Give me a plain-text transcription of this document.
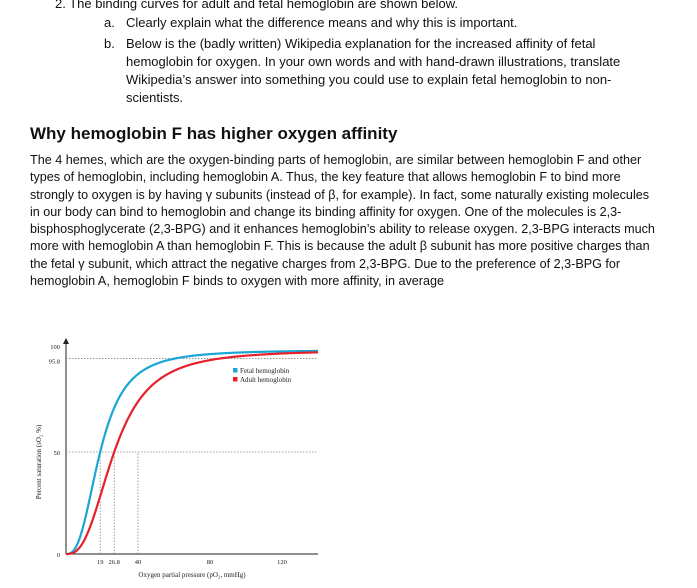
2. The binding curves for adult and fetal hemoglobin are shown below.
a. Clearly explain what the difference means and why this is important.
b. Below is the (badly written) Wikipedia explanation for the increased affinity of fetal hemoglobin for oxygen. In your own words and with hand-drawn illustrations, translate Wikipedia’s answer into something you could use to explain fetal hemoglobin to non-scientists.
Why hemoglobin F has higher oxygen affinity
The 4 hemes, which are the oxygen-binding parts of hemoglobin, are similar between hemoglobin F and other types of hemoglobin, including hemoglobin A. Thus, the key feature that allows hemoglobin F to bind more strongly to oxygen is by having γ subunits (instead of β, for example). In fact, some naturally existing molecules in our body can bind to hemoglobin and change its binding affinity for oxygen. One of the molecules is 2,3-bisphosphoglycerate (2,3-BPG) and it enhances hemoglobin’s ability to release oxygen. 2,3-BPG interacts much more with hemoglobin A than hemoglobin F. This is because the adult β subunit has more positive charges than the fetal γ subunit, which attract the negative charges from 2,3-BPG. Due to the preference of 2,3-BPG for hemoglobin A, hemoglobin F binds to oxygen with more affinity, in average
0
50
95.8
100
19 26.8 40	80	120
Oxygen partial pressure (pO₂, mmHg)
Percent saturation (sO₂ %)
Fetal hemoglobin
Adult hemoglobin
